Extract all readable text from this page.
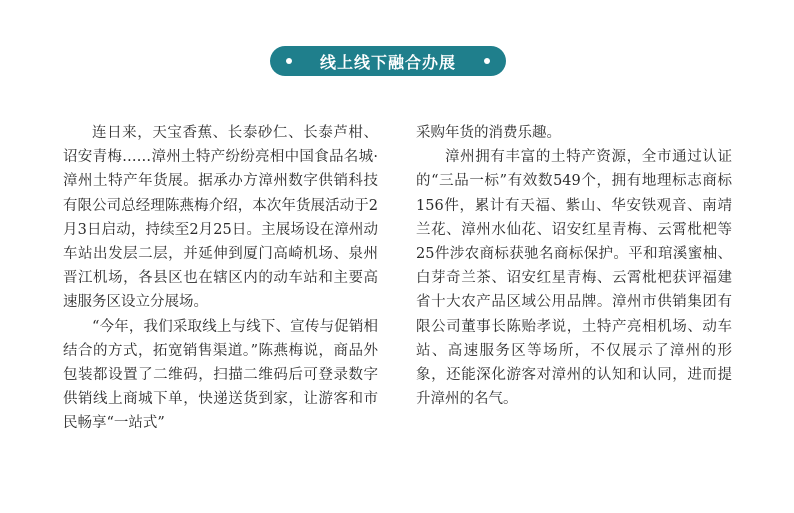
线上线下融合办展

连日来，天宝香蕉、长泰砂仁、长泰芦柑、诏安青梅……漳州土特产纷纷亮相中国食品名城·漳州土特产年货展。据承办方漳州数字供销科技有限公司总经理陈燕梅介绍，本次年货展活动于2月3日启动，持续至2月25日。主展场设在漳州动车站出发层二层，并延伸到厦门高崎机场、泉州晋江机场，各县区也在辖区内的动车站和主要高速服务区设立分展场。

“今年，我们采取线上与线下、宣传与促销相结合的方式，拓宽销售渠道。”陈燕梅说，商品外包装都设置了二维码，扫描二维码后可登录数字供销线上商城下单，快递送货到家，让游客和市民畅享“一站式”

采购年货的消费乐趣。

漳州拥有丰富的土特产资源，全市通过认证的“三品一标”有效数549个，拥有地理标志商标156件，累计有天福、紫山、华安铁观音、南靖兰花、漳州水仙花、诏安红星青梅、云霄枇杷等25件涉农商标获驰名商标保护。平和琯溪蜜柚、白芽奇兰茶、诏安红星青梅、云霄枇杷获评福建省十大农产品区域公用品牌。漳州市供销集团有限公司董事长陈贻孝说，土特产亮相机场、动车站、高速服务区等场所，不仅展示了漳州的形象，还能深化游客对漳州的认知和认同，进而提升漳州的名气。
